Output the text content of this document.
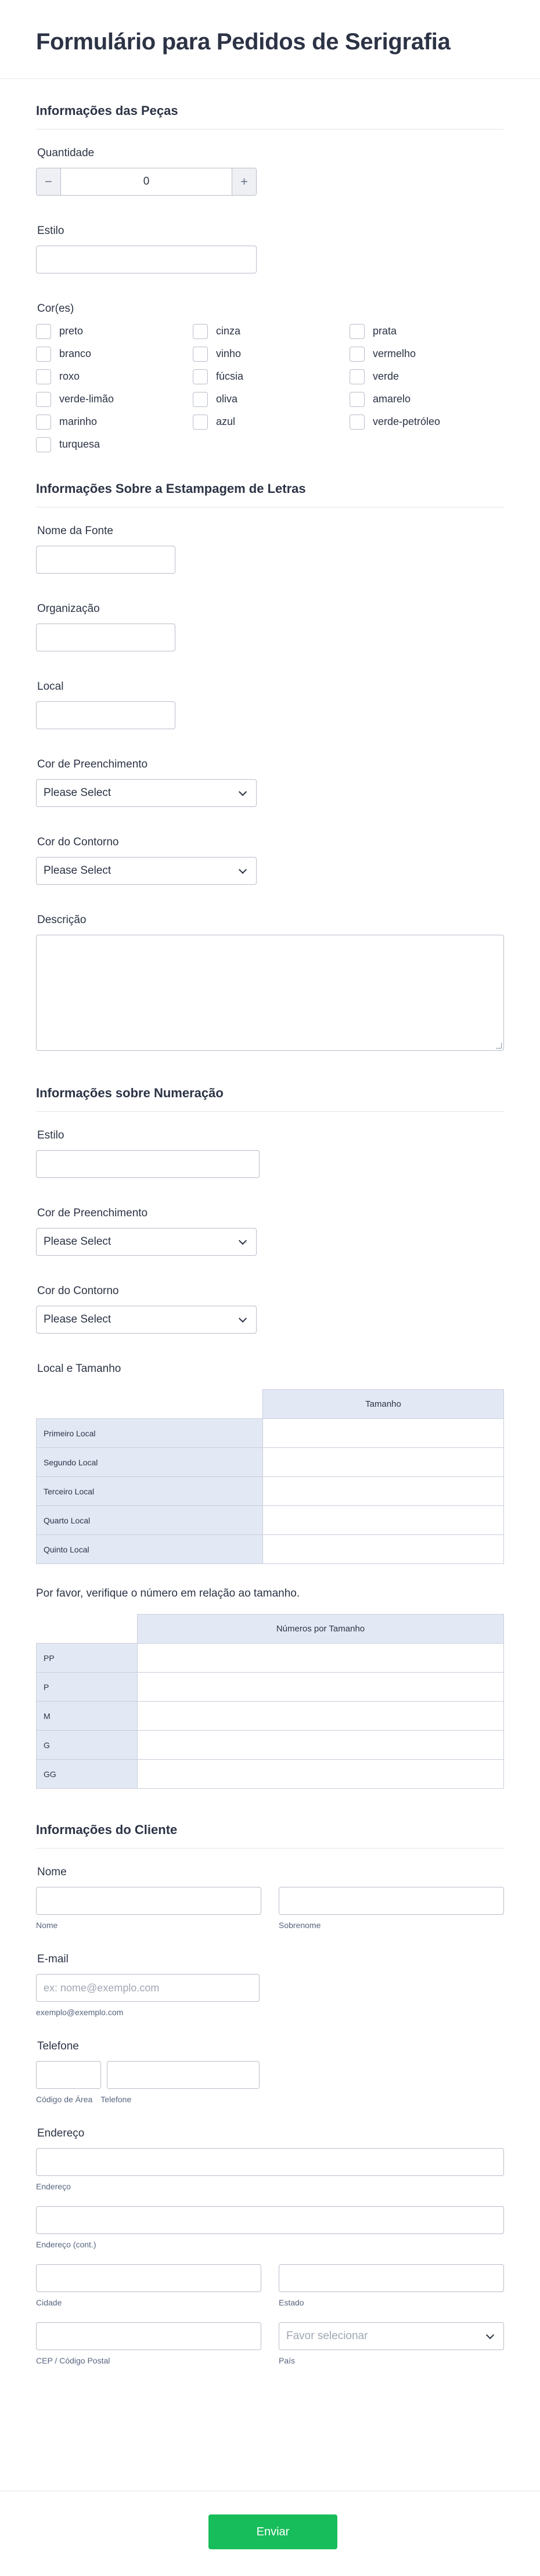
Formulário para Pedidos de Serigrafia
Informações das Peças
Quantidade
−	0	+
Estilo
Cor(es)
preto	cinza	prata
branco	vinho	vermelho
roxo	fúcsia	verde
verde-limão	oliva	amarelo
marinho	azul	verde-petróleo
turquesa
Informações Sobre a Estampagem de Letras
Nome da Fonte
Organização
Local
Cor de Preenchimento
Please Select
Cor do Contorno
Please Select
Descrição
Informações sobre Numeração
Estilo
Cor de Preenchimento
Please Select
Cor do Contorno
Please Select
Local e Tamanho
	Tamanho
Primeiro Local	
Segundo Local	
Terceiro Local	
Quarto Local	
Quinto Local	
Por favor, verifique o número em relação ao tamanho.
	Números por Tamanho
PP	
P	
M	
G	
GG	
Informações do Cliente
Nome
Nome	Sobrenome
E-mail
ex: nome@exemplo.com
exemplo@exemplo.com
Telefone
Código de Área Telefone
Endereço
Endereço
Endereço (cont.)
Cidade	Estado
CEP / Código Postal
Favor selecionar
País
Enviar
